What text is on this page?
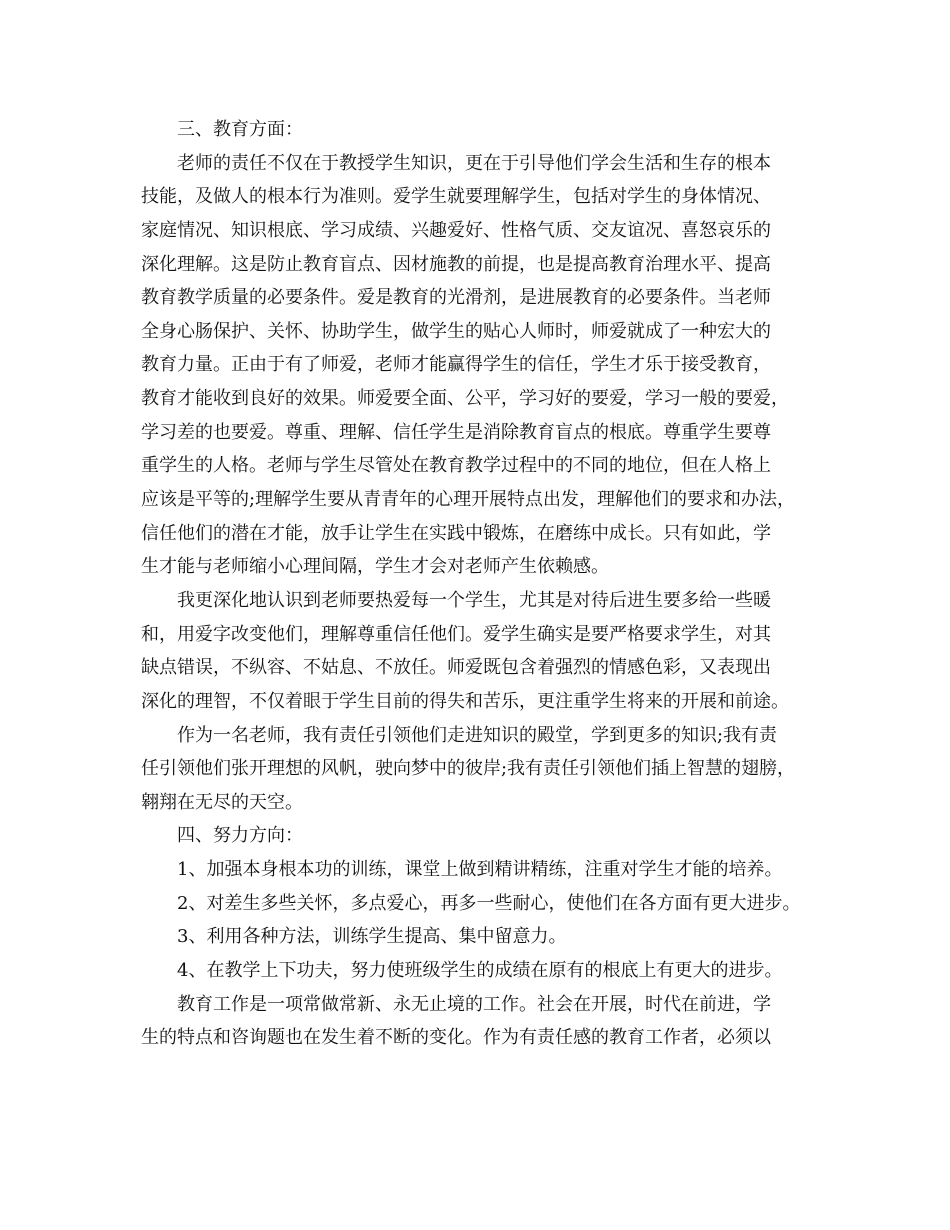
三、教育方面：
老师的责任不仅在于教授学生知识，更在于引导他们学会生活和生存的根本
技能，及做人的根本行为准则。爱学生就要理解学生，包括对学生的身体情况、
家庭情况、知识根底、学习成绩、兴趣爱好、性格气质、交友谊况、喜怒哀乐的
深化理解。这是防止教育盲点、因材施教的前提，也是提高教育治理水平、提高
教育教学质量的必要条件。爱是教育的光滑剂，是进展教育的必要条件。当老师
全身心肠保护、关怀、协助学生，做学生的贴心人师时，师爱就成了一种宏大的
教育力量。正由于有了师爱，老师才能赢得学生的信任，学生才乐于接受教育，
教育才能收到良好的效果。师爱要全面、公平，学习好的要爱，学习一般的要爱，
学习差的也要爱。尊重、理解、信任学生是消除教育盲点的根底。尊重学生要尊
重学生的人格。老师与学生尽管处在教育教学过程中的不同的地位，但在人格上
应该是平等的;理解学生要从青青年的心理开展特点出发，理解他们的要求和办法，
信任他们的潜在才能，放手让学生在实践中锻炼，在磨练中成长。只有如此，学
生才能与老师缩小心理间隔，学生才会对老师产生依赖感。
我更深化地认识到老师要热爱每一个学生，尤其是对待后进生要多给一些暖
和，用爱字改变他们，理解尊重信任他们。爱学生确实是要严格要求学生，对其
缺点错误，不纵容、不姑息、不放任。师爱既包含着强烈的情感色彩，又表现出
深化的理智，不仅着眼于学生目前的得失和苦乐，更注重学生将来的开展和前途。
作为一名老师，我有责任引领他们走进知识的殿堂，学到更多的知识;我有责
任引领他们张开理想的风帆，驶向梦中的彼岸;我有责任引领他们插上智慧的翅膀，
翱翔在无尽的天空。
四、努力方向：
1、加强本身根本功的训练，课堂上做到精讲精练，注重对学生才能的培养。
2、对差生多些关怀，多点爱心，再多一些耐心，使他们在各方面有更大进步。
3、利用各种方法，训练学生提高、集中留意力。
4、在教学上下功夫，努力使班级学生的成绩在原有的根底上有更大的进步。
教育工作是一项常做常新、永无止境的工作。社会在开展，时代在前进，学
生的特点和咨询题也在发生着不断的变化。作为有责任感的教育工作者，必须以
